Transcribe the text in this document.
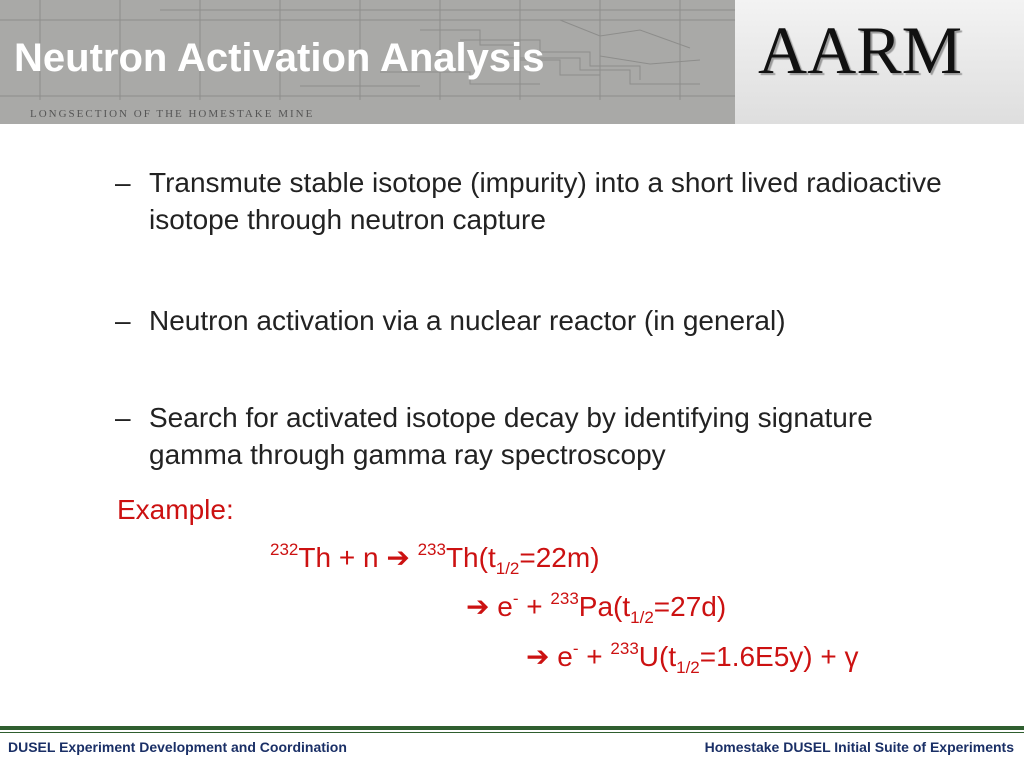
LONGSECTION OF THE HOMESTAKE MINE
Neutron Activation Analysis	AARM
– Transmute stable isotope (impurity) into a short lived radioactive isotope through neutron capture
– Neutron activation via a nuclear reactor (in general)
– Search for activated isotope decay by identifying signature gamma through gamma ray spectroscopy
Example:
$^{232}$Th + n ➔ $^{233}Th(t_{1/2}=22m)$
➔ $e^- + ^{233}Pa(t_{1/2}=27d)$
➔ $e^- + ^{233}U(t_{1/2}=1.6E5y) + \gamma$
DUSEL Experiment Development and Coordination	Homestake DUSEL Initial Suite of Experiments
